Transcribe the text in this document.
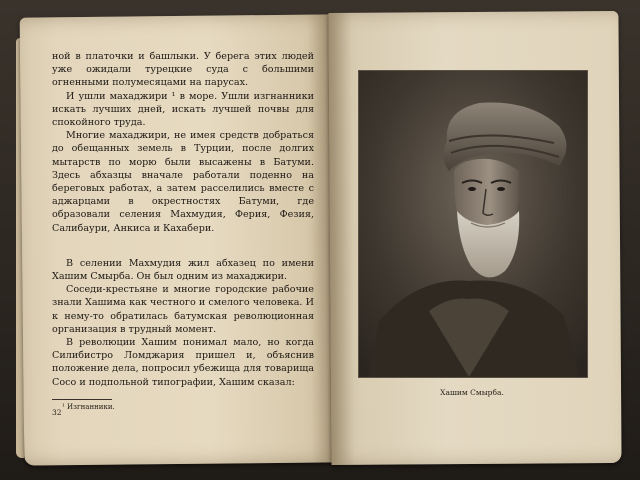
ной в платочки и башлыки. У берега этих людей уже ожидали турецкие суда с большими огненными полумесяцами на парусах.

И ушли махаджири ¹ в море. Ушли изгнанники искать лучших дней, искать лучшей почвы для спокойного труда.

Многие махаджири, не имея средств добраться до обещанных земель в Турции, после долгих мытарств по морю были высажены в Батуми. Здесь абхазцы вначале работали поденно на береговых работах, а затем расселились вместе с аджарцами в окрестностях Батуми, где образовали селения Махмудия, Ферия, Фезия, Салибаури, Анкиса и Кахабери.

В селении Махмудия жил абхазец по имени Хашим Смырба. Он был одним из махаджири.

Соседи-крестьяне и многие городские рабочие знали Хашима как честного и смелого человека. И к нему-то обратилась батумская революционная организация в трудный момент.

В революции Хашим понимал мало, но когда Силибистро Ломджария пришел и, объяснив положение дела, попросил убежища для товарища Сосо и подпольной типографии, Хашим сказал:

¹ Изгнанники.
32
Хашим Смырба.
